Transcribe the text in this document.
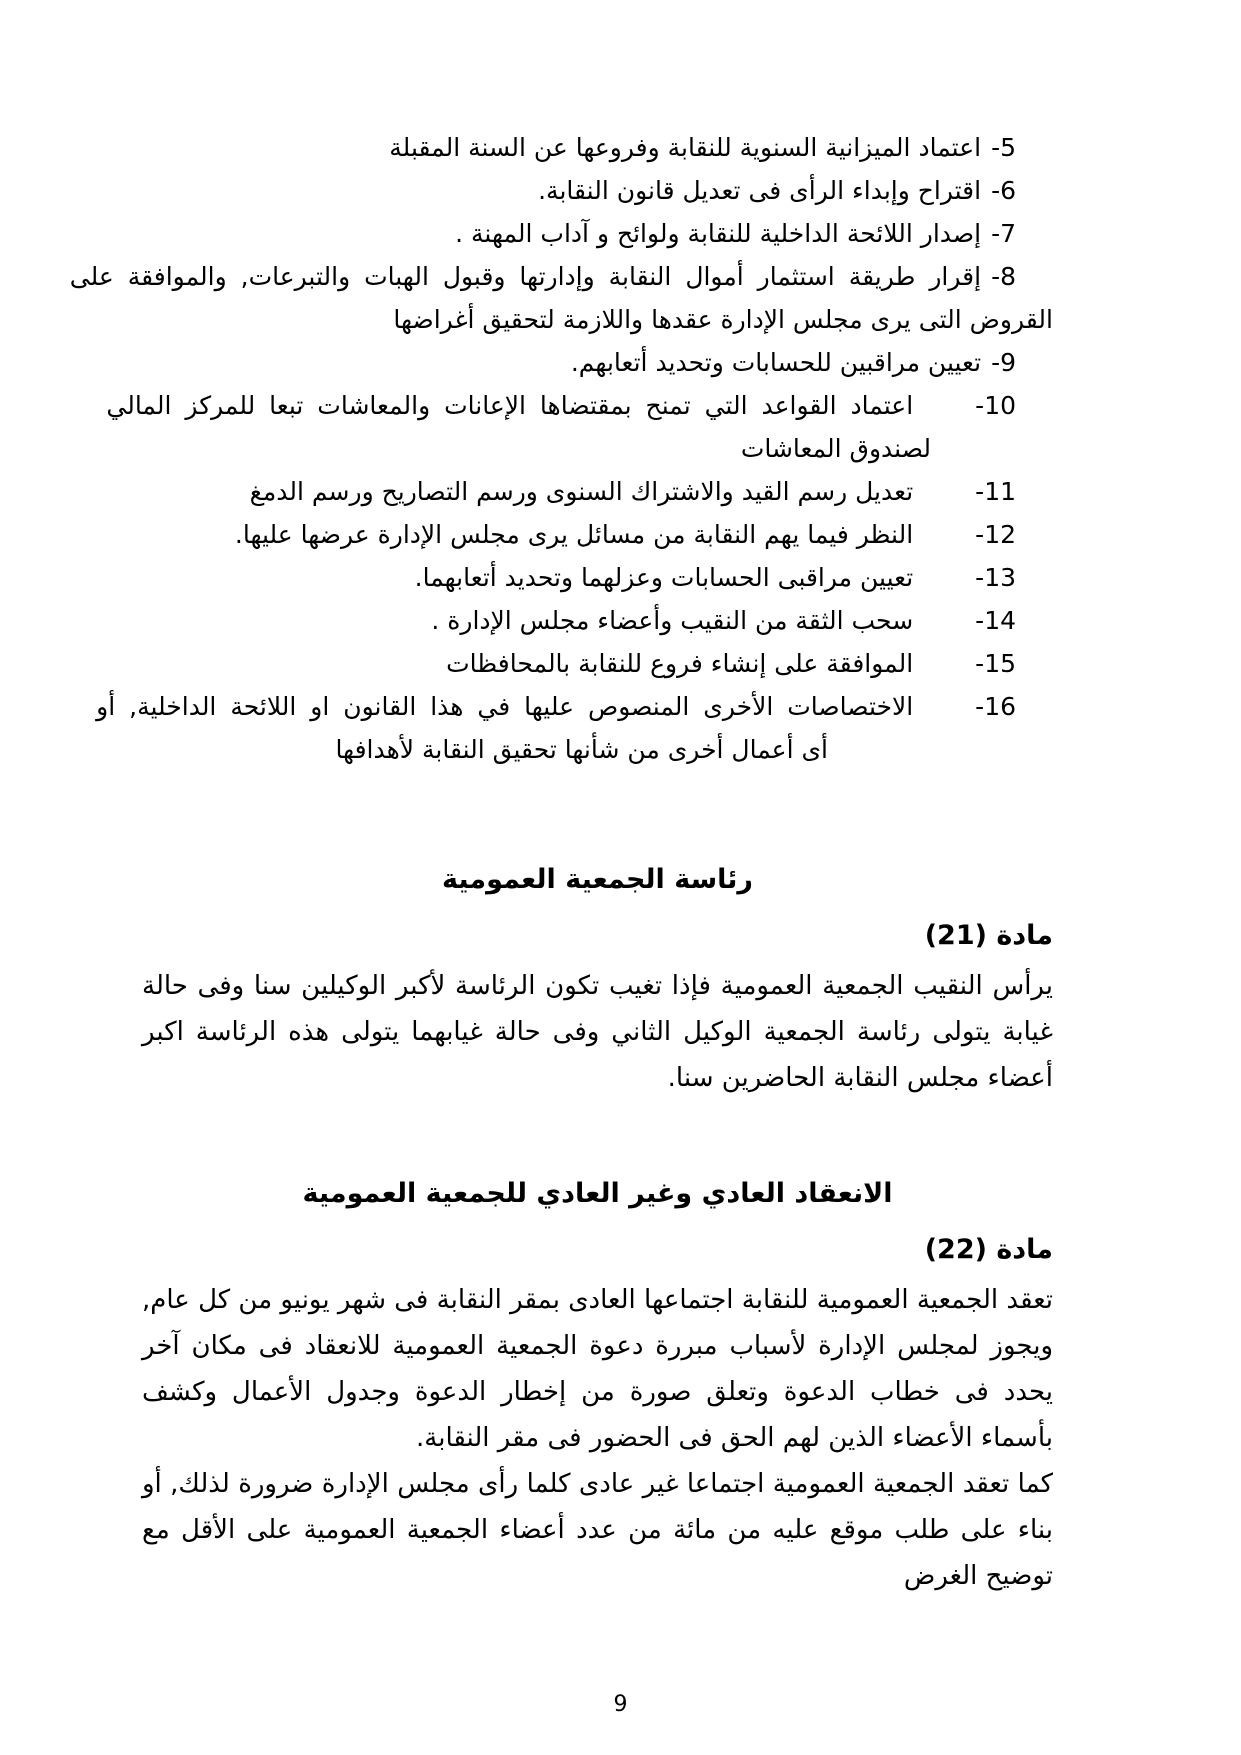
5-
اعتماد الميزانية السنوية للنقابة وفروعها عن السنة المقبلة
6-
اقتراح وإبداء الرأى فى تعديل قانون النقابة.
7-
إصدار اللائحة الداخلية للنقابة ولوائح و آداب المهنة .
8-
إقرار طريقة استثمار أموال النقابة وإدارتها وقبول الهبات والتبرعات, والموافقة على
القروض التى يرى مجلس الإدارة عقدها واللازمة لتحقيق أغراضها
9-
تعيين مراقبين للحسابات وتحديد أتعابهم.
10-
اعتماد القواعد التي تمنح بمقتضاها الإعانات والمعاشات تبعا للمركز المالي
لصندوق المعاشات
11-
تعديل رسم القيد والاشتراك السنوى ورسم التصاريح ورسم الدمغ
12-
النظر فيما يهم النقابة من مسائل يرى مجلس الإدارة عرضها عليها.
13-
تعيين مراقبى الحسابات وعزلهما وتحديد أتعابهما.
14-
سحب الثقة من النقيب وأعضاء مجلس الإدارة .
15-
الموافقة على إنشاء فروع للنقابة بالمحافظات
16-
الاختصاصات الأخرى المنصوص عليها في هذا القانون او اللائحة الداخلية, أو
أى أعمال أخرى من شأنها تحقيق النقابة لأهدافها
رئاسة الجمعية العمومية
مادة (21)
يرأس النقيب الجمعية العمومية فإذا تغيب تكون الرئاسة لأكبر الوكيلين سنا وفى حالة غيابة يتولى رئاسة الجمعية الوكيل الثاني وفى حالة غيابهما يتولى هذه الرئاسة اكبر أعضاء مجلس النقابة الحاضرين سنا.
الانعقاد العادي وغير العادي للجمعية العمومية
مادة (22)
تعقد الجمعية العمومية للنقابة اجتماعها العادى بمقر النقابة فى شهر يونيو من كل عام, ويجوز لمجلس الإدارة لأسباب مبررة دعوة الجمعية العمومية للانعقاد فى مكان آخر يحدد فى خطاب الدعوة وتعلق صورة من إخطار الدعوة وجدول الأعمال وكشف بأسماء الأعضاء الذين لهم الحق فى الحضور فى مقر النقابة.
كما تعقد الجمعية العمومية اجتماعا غير عادى كلما رأى مجلس الإدارة ضرورة لذلك, أو بناء على طلب موقع عليه من مائة من عدد أعضاء الجمعية العمومية على الأقل مع توضيح الغرض
9
